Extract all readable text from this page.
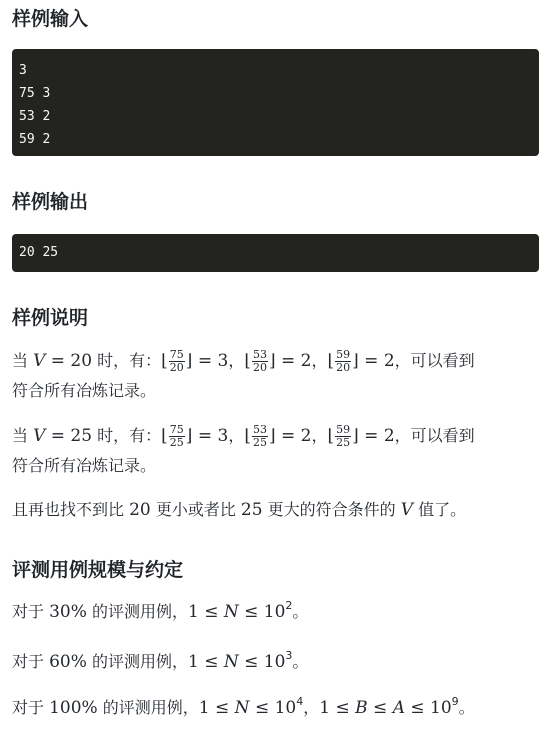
样例输入
3
75 3
53 2
59 2
样例输出
20 25
样例说明
当 V = 20 时，有：⌊ $\frac{75}{20}$ ⌋ = 3，⌊ $\frac{53}{20}$ ⌋ = 2，⌊ $\frac{59}{20}$ ⌋ = 2，可以看到
符合所有冶炼记录。
当 V = 25 时，有：⌊ $\frac{75}{25}$ ⌋ = 3，⌊ $\frac{53}{25}$ ⌋ = 2，⌊ $\frac{59}{25}$ ⌋ = 2，可以看到
符合所有冶炼记录。
且再也找不到比 20 更小或者比 25 更大的符合条件的 V 值了。
评测用例规模与约定
对于 30% 的评测用例，$1 \le N \le 10^2$。
对于 60% 的评测用例，$1 \le N \le 10^3$。
对于 100% 的评测用例，$1 \le N \le 10^4$，$1 \le B \le A \le 10^9$。
